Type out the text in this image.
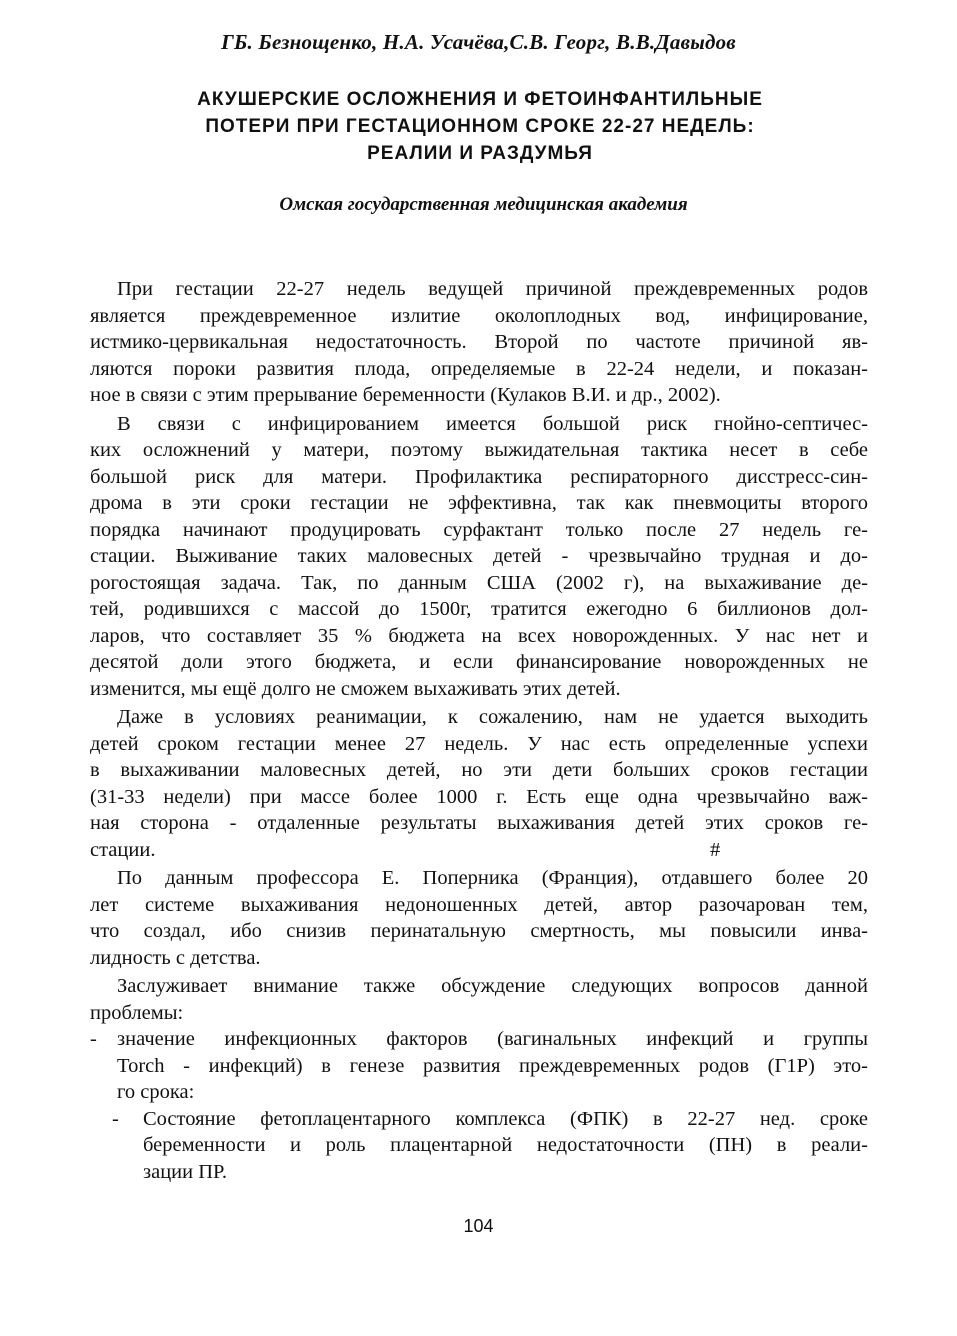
ГБ. Безнощенко, Н.А. Усачёва,С.В. Георг, В.В.Давыдов
АКУШЕРСКИЕ ОСЛОЖНЕНИЯ И ФЕТОИНФАНТИЛЬНЫЕ
ПОТЕРИ ПРИ ГЕСТАЦИОННОМ СРОКЕ 22-27 НЕДЕЛЬ:
РЕАЛИИ И РАЗДУМЬЯ
Омская государственная медицинская академия
При гестации 22-27 недель ведущей причиной преждевременных родов
является преждевременное излитие околоплодных вод, инфицирование,
истмико-цервикальная недостаточность. Второй по частоте причиной яв-
ляются пороки развития плода, определяемые в 22-24 недели, и показан-
ное в связи с этим прерывание беременности (Кулаков В.И. и др., 2002).
В связи с инфицированием имеется большой риск гнойно-септичес-
ких осложнений у матери, поэтому выжидательная тактика несет в себе
большой риск для матери. Профилактика респираторного дисстресс-син-
дрома в эти сроки гестации не эффективна, так как пневмоциты второго
порядка начинают продуцировать сурфактант только после 27 недель ге-
стации. Выживание таких маловесных детей - чрезвычайно трудная и до-
рогостоящая задача. Так, по данным США (2002 г), на выхаживание де-
тей, родившихся с массой до 1500г, тратится ежегодно 6 биллионов дол-
ларов, что составляет 35 % бюджета на всех новорожденных. У нас нет и
десятой доли этого бюджета, и если финансирование новорожденных не
изменится, мы ещё долго не сможем выхаживать этих детей.
Даже в условиях реанимации, к сожалению, нам не удается выходить
детей сроком гестации менее 27 недель. У нас есть определенные успехи
в выхаживании маловесных детей, но эти дети больших сроков гестации
(31-33 недели) при массе более 1000 г. Есть еще одна чрезвычайно важ-
ная сторона - отдаленные результаты выхаживания детей этих сроков ге-
стации.	#
По данным профессора Е. Поперника (Франция), отдавшего более 20
лет системе выхаживания недоношенных детей, автор разочарован тем,
что создал, ибо снизив перинатальную смертность, мы повысили инва-
лидность с детства.
Заслуживает внимание также обсуждение следующих вопросов данной
проблемы:
- значение инфекционных факторов (вагинальных инфекций и группы
Torch - инфекций) в генезе развития преждевременных родов (Г1Р) это-
го срока:
-	Состояние фетоплацентарного комплекса (ФПК) в 22-27 нед. сроке
беременности и роль плацентарной недостаточности (ПН) в реали-
зации ПР.
104
